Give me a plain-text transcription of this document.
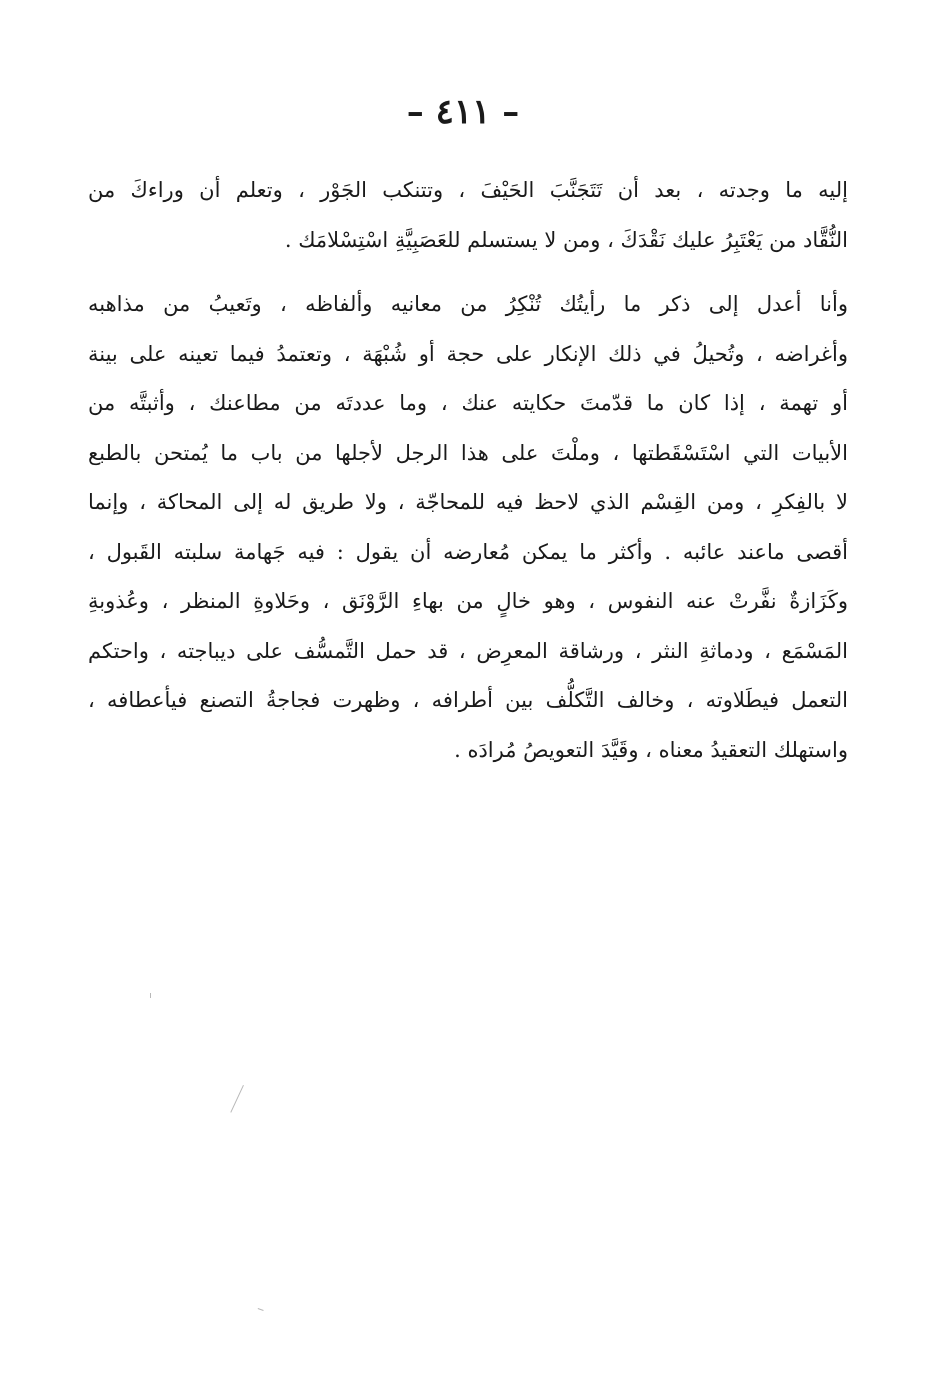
– ٤١١ –
إليه ما وجدته ، بعد أن تَتَجَنَّبَ الحَيْفَ ، وتتنكب الجَوْر ، وتعلم أن وراءكَ من
النُّقَّاد من يَعْتَبِرُ عليك نَقْدَكَ ، ومن لا يستسلم للعَصَبِيَّةِ اسْتِسْلامَك .
وأنا أعدل إلى ذكر ما رأيتُك تُنْكِرُ من معانيه وألفاظه ، وتَعيبُ من مذاهبه
وأغراضه ، وتُحيلُ في ذلك الإنكار على حجة أو شُبْهَة ، وتعتمدُ فيما تعينه على بينة
أو تهمة ، إذا كان ما قدّمتَ حكايته عنك ، وما عددتَه من مطاعنك ، وأثبتَّه من
الأبيات التي اسْتَسْقَطتها ، وملْتَ على هذا الرجل لأجلها من باب ما يُمتحن بالطبع
لا بالفِكرِ ، ومن القِسْم الذي لاحظ فيه للمحاجّة ، ولا طريق له إلى المحاكة ، وإنما
أقصى ماعند عائبه . وأكثر ما يمكن مُعارضه أن يقول : فيه جَهامة سلبته القَبول ،
وكَزَازةٌ نفَّرتْ عنه النفوس ، وهو خالٍ من بهاءِ الرَّوْنَق ، وحَلاوةِ المنظر ، وعُذوبةِ
المَسْمَع ، ودماثةِ النثر ، ورشاقة المعرِض ، قد حمل التَّمسُّف على ديباجته ، واحتكم
التعمل فيطَلاوته ، وخالف التَّكلُّف بين أطرافه ، وظهرت فجاجةُ التصنع فيأعطافه ،
واستهلك التعقيدُ معناه ، وقَيَّدَ التعويصُ مُرادَه .
